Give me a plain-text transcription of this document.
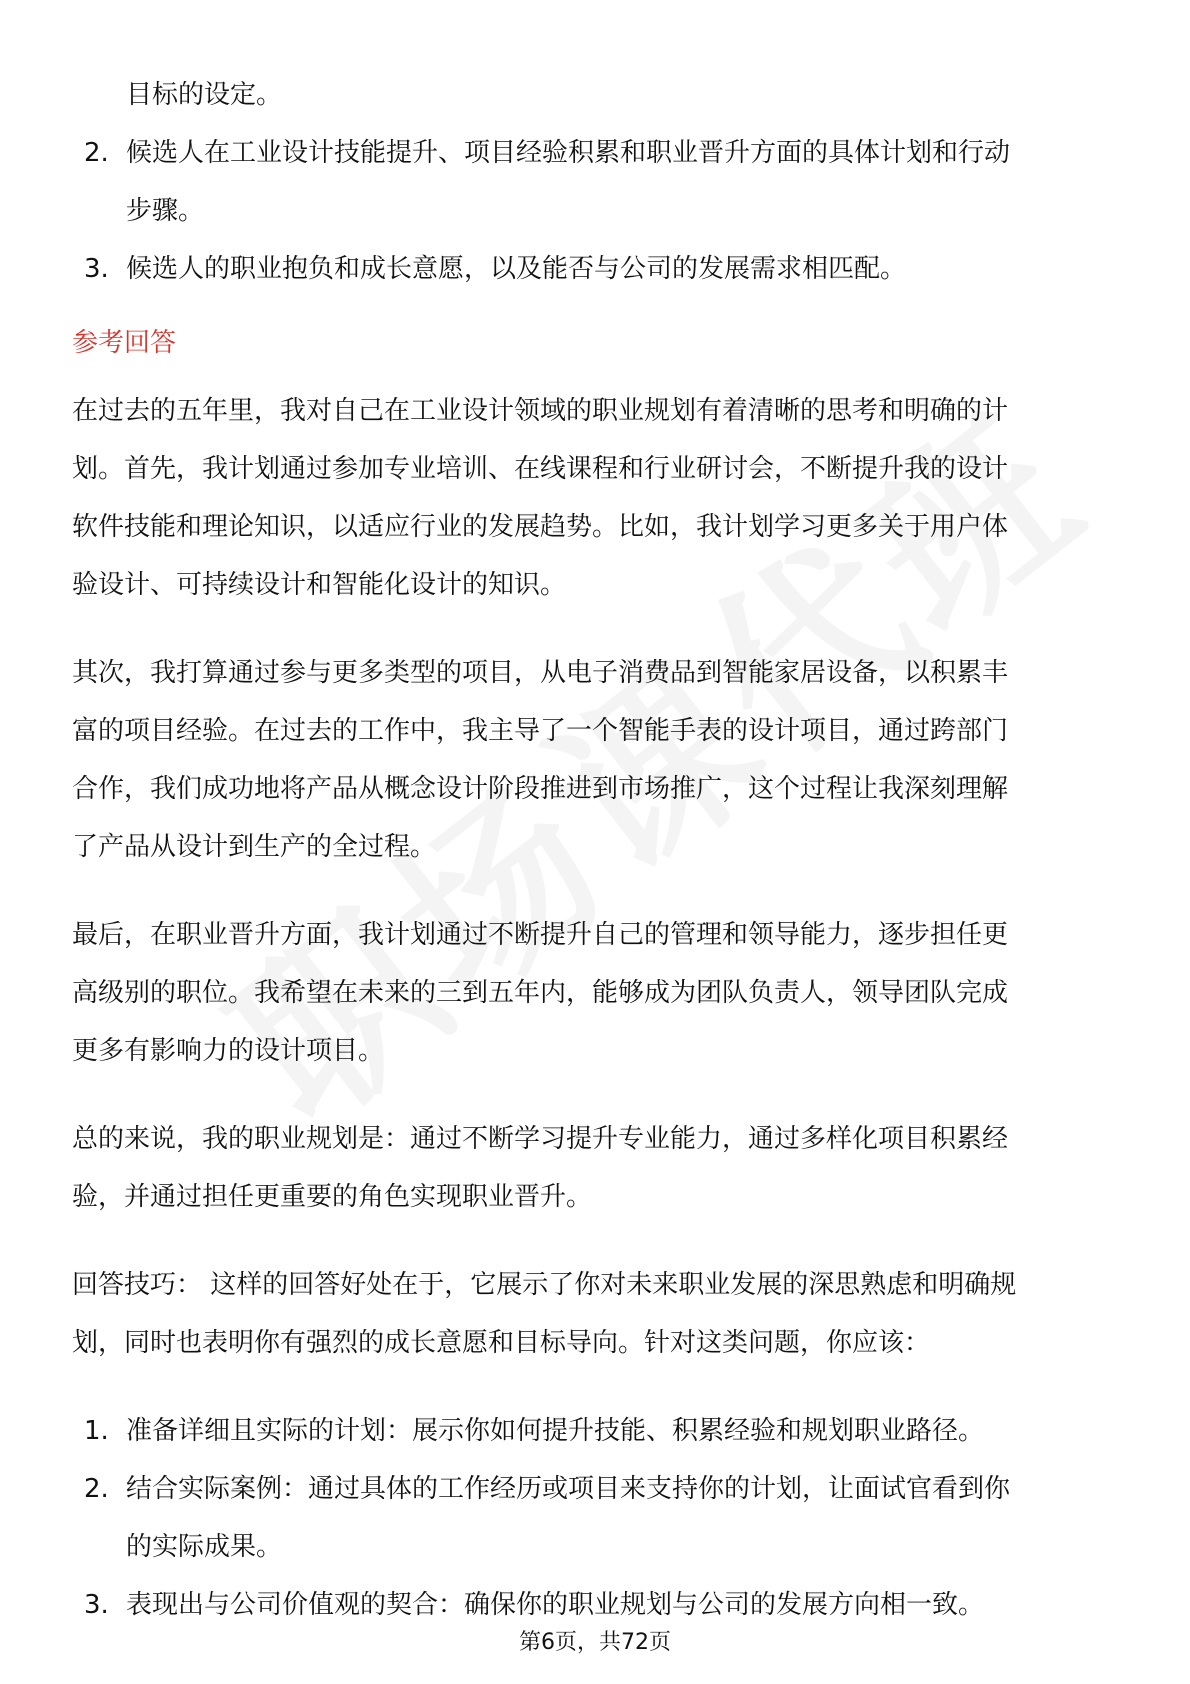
目标的设定。

2. 候选人在工业设计技能提升、项目经验积累和职业晋升方面的具体计划和行动

步骤。

3. 候选人的职业抱负和成长意愿，以及能否与公司的发展需求相匹配。

参考回答

在过去的五年里，我对自己在工业设计领域的职业规划有着清晰的思考和明确的计

划。首先，我计划通过参加专业培训、在线课程和行业研讨会，不断提升我的设计

软件技能和理论知识，以适应行业的发展趋势。比如，我计划学习更多关于用户体

验设计、可持续设计和智能化设计的知识。

其次，我打算通过参与更多类型的项目，从电子消费品到智能家居设备，以积累丰

富的项目经验。在过去的工作中，我主导了一个智能手表的设计项目，通过跨部门

合作，我们成功地将产品从概念设计阶段推进到市场推广，这个过程让我深刻理解

了产品从设计到生产的全过程。

最后，在职业晋升方面，我计划通过不断提升自己的管理和领导能力，逐步担任更

高级别的职位。我希望在未来的三到五年内，能够成为团队负责人，领导团队完成

更多有影响力的设计项目。

总的来说，我的职业规划是：通过不断学习提升专业能力，通过多样化项目积累经

验，并通过担任更重要的角色实现职业晋升。

回答技巧： 这样的回答好处在于，它展示了你对未来职业发展的深思熟虑和明确规

划，同时也表明你有强烈的成长意愿和目标导向。针对这类问题，你应该：

1. 准备详细且实际的计划：展示你如何提升技能、积累经验和规划职业路径。

2. 结合实际案例：通过具体的工作经历或项目来支持你的计划，让面试官看到你

的实际成果。

3. 表现出与公司价值观的契合：确保你的职业规划与公司的发展方向相一致。

第6页，共72页
